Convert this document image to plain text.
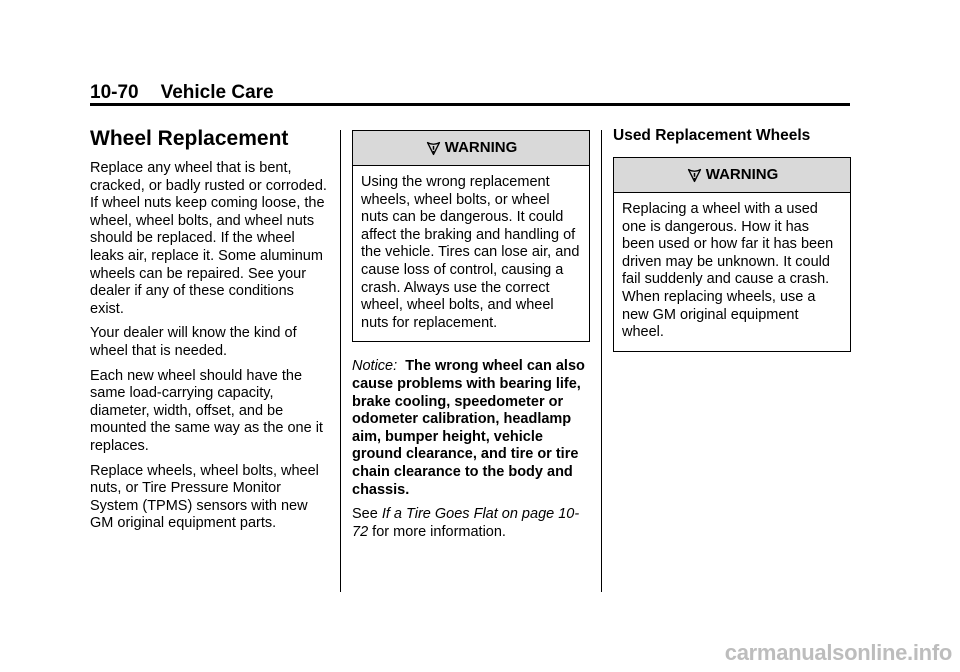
10-70 Vehicle Care
Wheel Replacement

Replace any wheel that is bent, cracked, or badly rusted or corroded. If wheel nuts keep coming loose, the wheel, wheel bolts, and wheel nuts should be replaced. If the wheel leaks air, replace it. Some aluminum wheels can be repaired. See your dealer if any of these conditions exist.

Your dealer will know the kind of wheel that is needed.

Each new wheel should have the same load-carrying capacity, diameter, width, offset, and be mounted the same way as the one it replaces.

Replace wheels, wheel bolts, wheel nuts, or Tire Pressure Monitor System (TPMS) sensors with new GM original equipment parts.

WARNING
Using the wrong replacement wheels, wheel bolts, or wheel nuts can be dangerous. It could affect the braking and handling of the vehicle. Tires can lose air, and cause loss of control, causing a crash. Always use the correct wheel, wheel bolts, and wheel nuts for replacement.

Notice: The wrong wheel can also cause problems with bearing life, brake cooling, speedometer or odometer calibration, headlamp aim, bumper height, vehicle ground clearance, and tire or tire chain clearance to the body and chassis.

See If a Tire Goes Flat on page 10-72 for more information.

Used Replacement Wheels
WARNING
Replacing a wheel with a used one is dangerous. How it has been used or how far it has been driven may be unknown. It could fail suddenly and cause a crash. When replacing wheels, use a new GM original equipment wheel.
carmanualsonline.info
